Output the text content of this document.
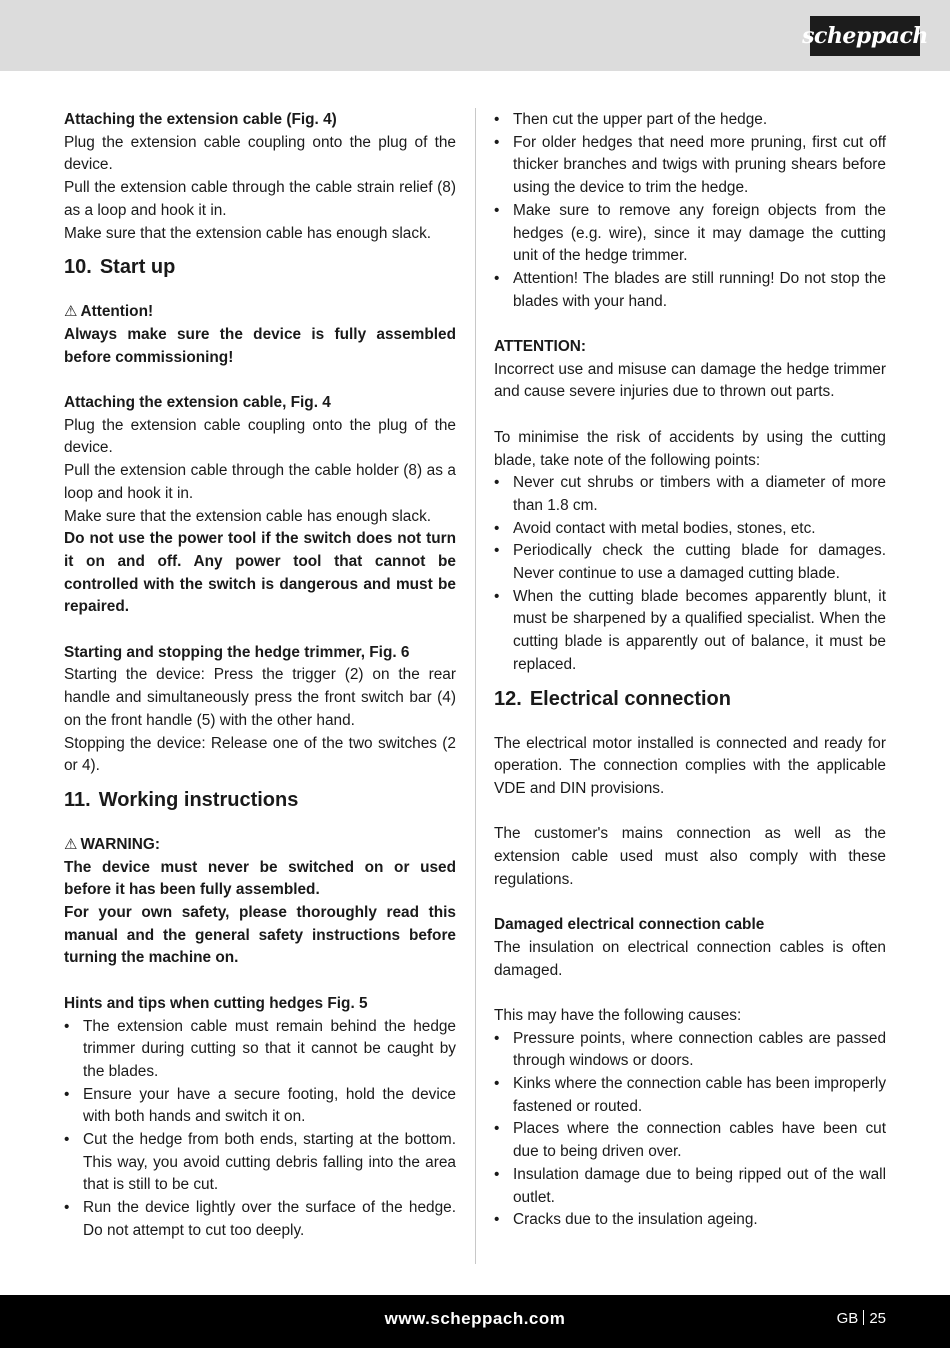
scheppach
Attaching the extension cable (Fig. 4)
Plug the extension cable coupling onto the plug of the device.
Pull the extension cable through the cable strain relief (8) as a loop and hook it in.
Make sure that the extension cable has enough slack.
10. Start up
⚠ Attention!
Always make sure the device is fully assembled before commissioning!
Attaching the extension cable, Fig. 4
Plug the extension cable coupling onto the plug of the device.
Pull the extension cable through the cable holder (8) as a loop and hook it in.
Make sure that the extension cable has enough slack.
Do not use the power tool if the switch does not turn it on and off. Any power tool that cannot be controlled with the switch is dangerous and must be repaired.
Starting and stopping the hedge trimmer, Fig. 6
Starting the device: Press the trigger (2) on the rear handle and simultaneously press the front switch bar (4) on the front handle (5) with the other hand.
Stopping the device: Release one of the two switches (2 or 4).
11. Working instructions
⚠ WARNING:
The device must never be switched on or used before it has been fully assembled.
For your own safety, please thoroughly read this manual and the general safety instructions before turning the machine on.
Hints and tips when cutting hedges Fig. 5
• The extension cable must remain behind the hedge trimmer during cutting so that it cannot be caught by the blades.
• Ensure your have a secure footing, hold the device with both hands and switch it on.
• Cut the hedge from both ends, starting at the bottom. This way, you avoid cutting debris falling into the area that is still to be cut.
• Run the device lightly over the surface of the hedge. Do not attempt to cut too deeply.
• Then cut the upper part of the hedge.
• For older hedges that need more pruning, first cut off thicker branches and twigs with pruning shears before using the device to trim the hedge.
• Make sure to remove any foreign objects from the hedges (e.g. wire), since it may damage the cutting unit of the hedge trimmer.
• Attention! The blades are still running! Do not stop the blades with your hand.
ATTENTION:
Incorrect use and misuse can damage the hedge trimmer and cause severe injuries due to thrown out parts.
To minimise the risk of accidents by using the cutting blade, take note of the following points:
• Never cut shrubs or timbers with a diameter of more than 1.8 cm.
• Avoid contact with metal bodies, stones, etc.
• Periodically check the cutting blade for damages. Never continue to use a damaged cutting blade.
• When the cutting blade becomes apparently blunt, it must be sharpened by a qualified specialist. When the cutting blade is apparently out of balance, it must be replaced.
12. Electrical connection
The electrical motor installed is connected and ready for operation. The connection complies with the applicable VDE and DIN provisions.
The customer's mains connection as well as the extension cable used must also comply with these regulations.
Damaged electrical connection cable
The insulation on electrical connection cables is often damaged.
This may have the following causes:
• Pressure points, where connection cables are passed through windows or doors.
• Kinks where the connection cable has been improperly fastened or routed.
• Places where the connection cables have been cut due to being driven over.
• Insulation damage due to being ripped out of the wall outlet.
• Cracks due to the insulation ageing.
www.scheppach.com	GB 25
